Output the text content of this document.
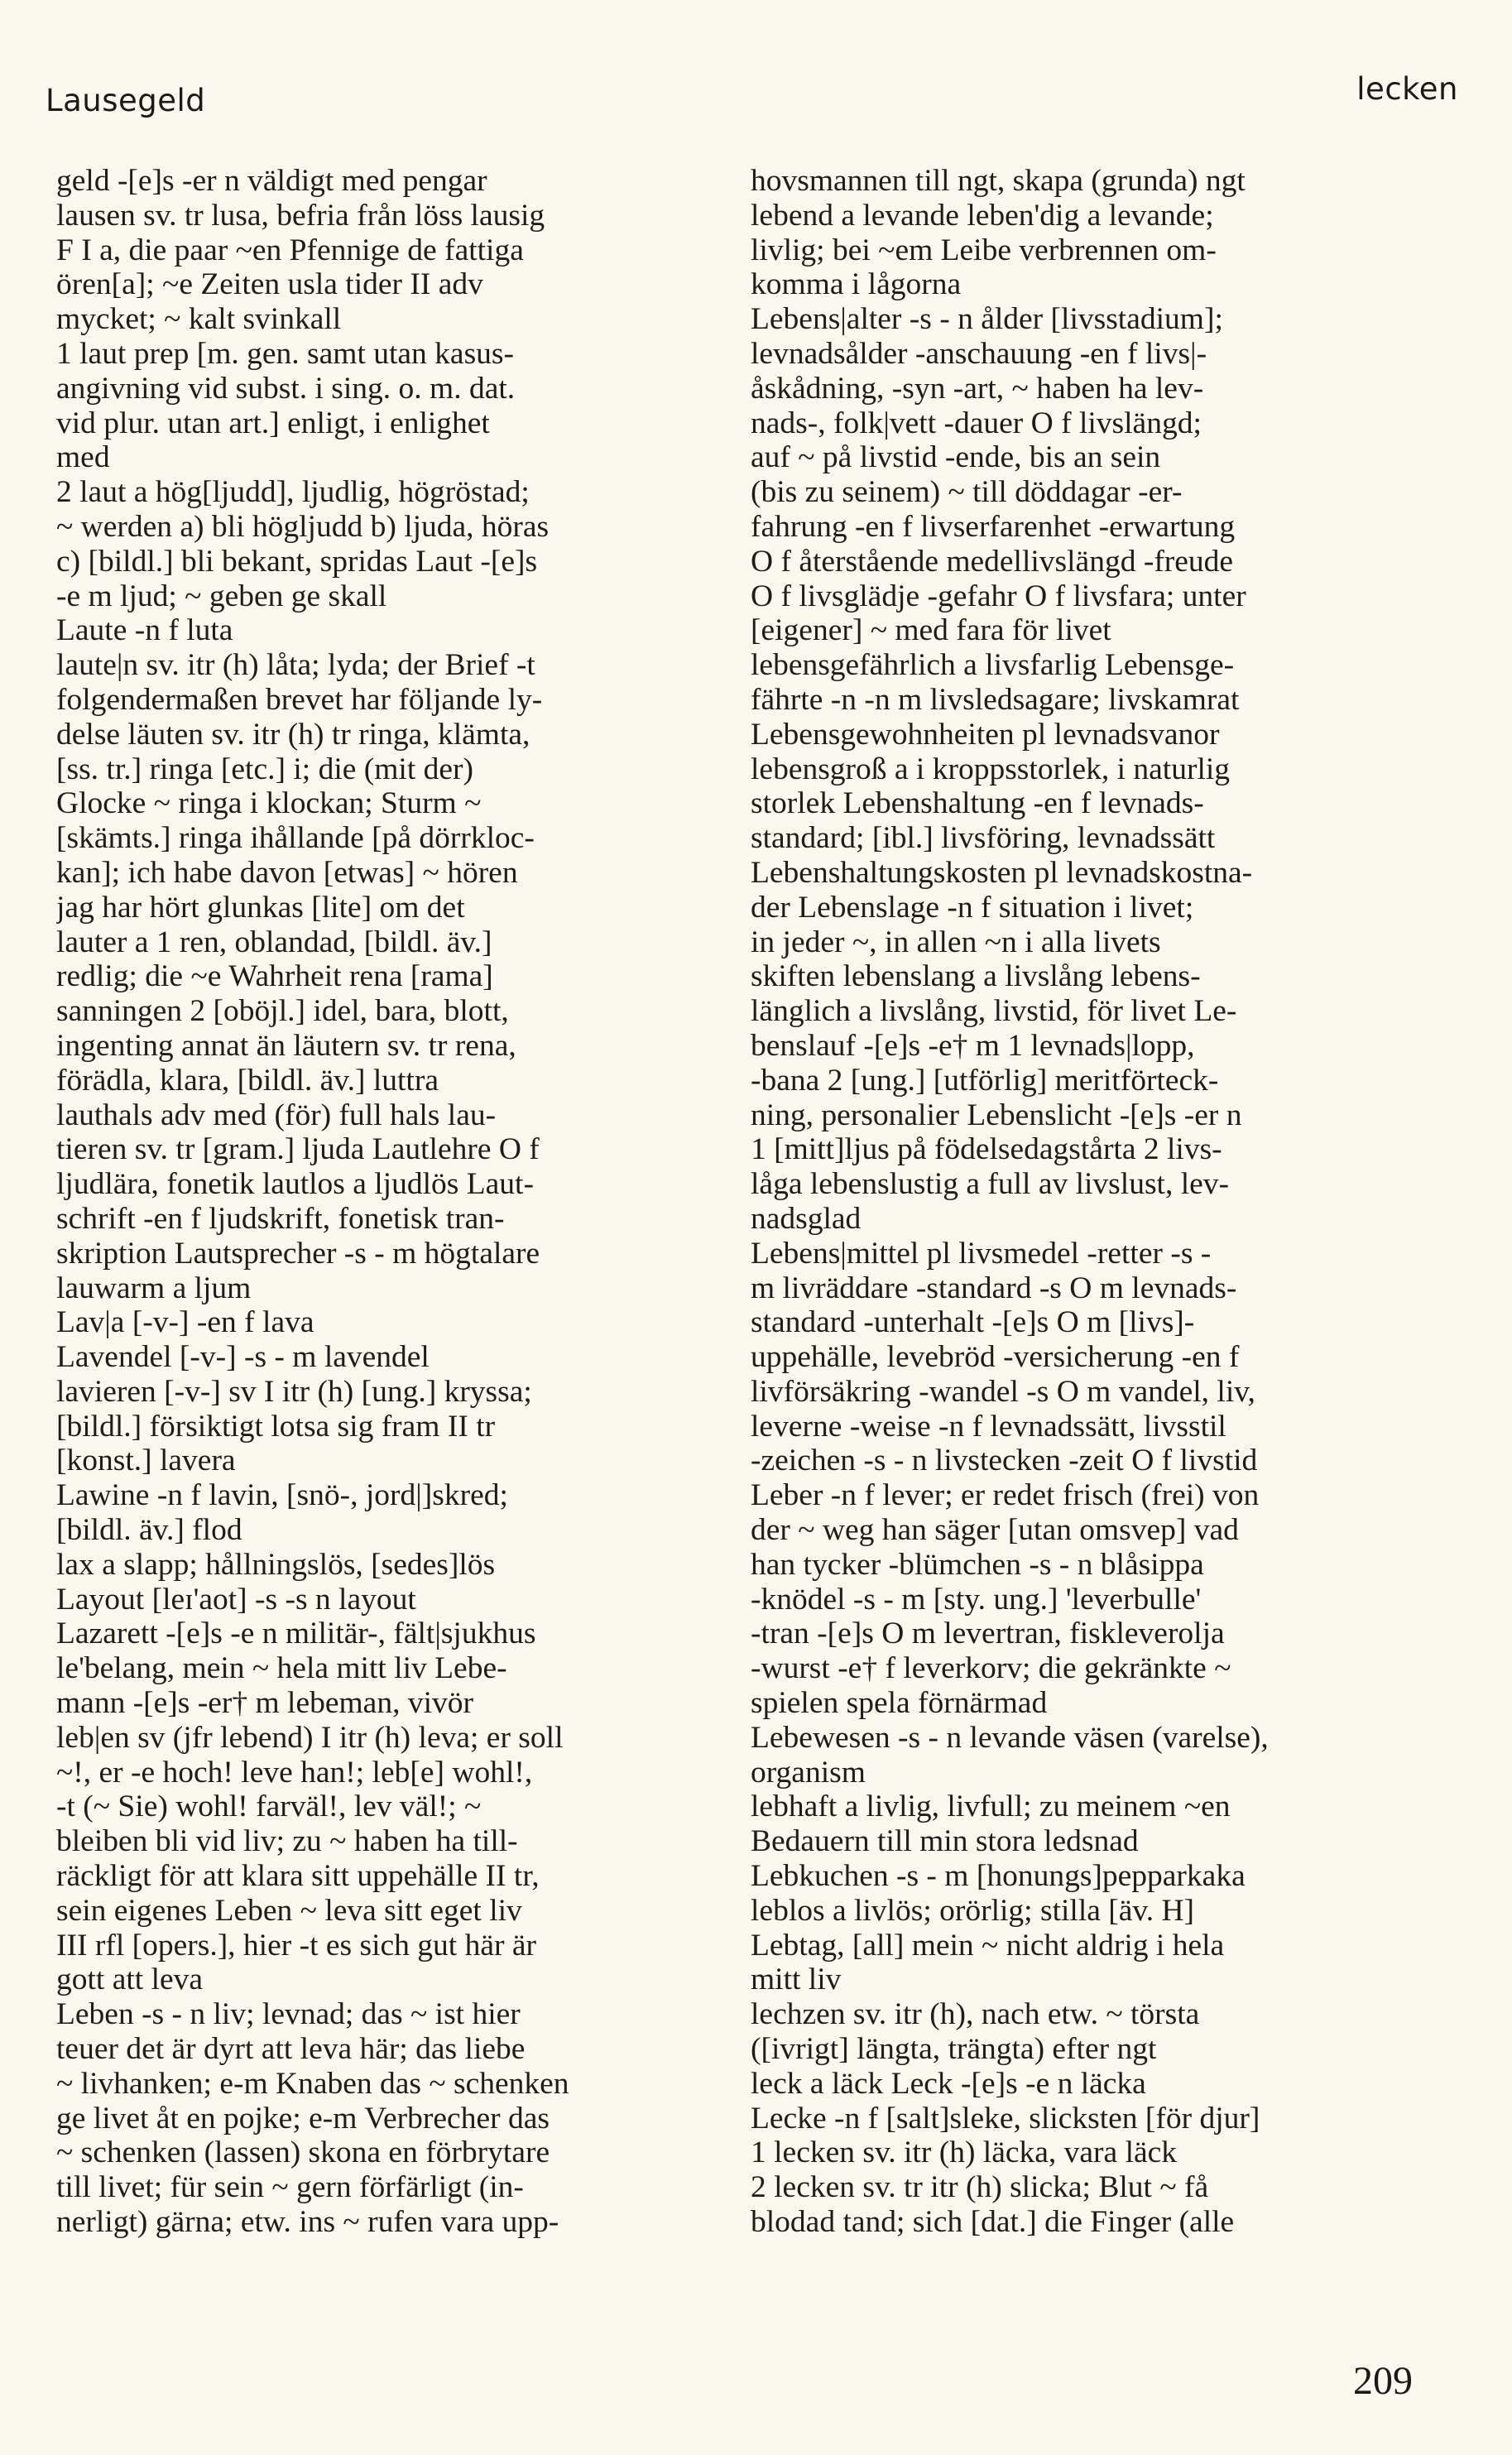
Lausegeld	lecken
geld -[e]s -er n väldigt med pengar
lausen sv. tr lusa, befria från löss lausig
F I a, die paar ~en Pfennige de fattiga
ören[a]; ~e Zeiten usla tider II adv
mycket; ~ kalt svinkall
1 laut prep [m. gen. samt utan kasus-
angivning vid subst. i sing. o. m. dat.
vid plur. utan art.] enligt, i enlighet
med
2 laut a hög[ljudd], ljudlig, högröstad;
~ werden a) bli högljudd b) ljuda, höras
c) [bildl.] bli bekant, spridas Laut -[e]s
-e m ljud; ~ geben ge skall
Laute -n f luta
laute|n sv. itr (h) låta; lyda; der Brief -t
folgendermaßen brevet har följande ly-
delse läuten sv. itr (h) tr ringa, klämta,
[ss. tr.] ringa [etc.] i; die (mit der)
Glocke ~ ringa i klockan; Sturm ~
[skämts.] ringa ihållande [på dörrkloc-
kan]; ich habe davon [etwas] ~ hören
jag har hört glunkas [lite] om det
lauter a 1 ren, oblandad, [bildl. äv.]
redlig; die ~e Wahrheit rena [rama]
sanningen 2 [oböjl.] idel, bara, blott,
ingenting annat än läutern sv. tr rena,
förädla, klara, [bildl. äv.] luttra
lauthals adv med (för) full hals lau-
tieren sv. tr [gram.] ljuda Lautlehre O f
ljudlära, fonetik lautlos a ljudlös Laut-
schrift -en f ljudskrift, fonetisk tran-
skription Lautsprecher -s - m högtalare
lauwarm a ljum
Lav|a [-v-] -en f lava
Lavendel [-v-] -s - m lavendel
lavieren [-v-] sv I itr (h) [ung.] kryssa;
[bildl.] försiktigt lotsa sig fram II tr
[konst.] lavera
Lawine -n f lavin, [snö-, jord|]skred;
[bildl. äv.] flod
lax a slapp; hållningslös, [sedes]lös
Layout [leɪ'aot] -s -s n layout
Lazarett -[e]s -e n militär-, fält|sjukhus
le'belang, mein ~ hela mitt liv Lebe-
mann -[e]s -er† m lebeman, vivör
leb|en sv (jfr lebend) I itr (h) leva; er soll
~!, er -e hoch! leve han!; leb[e] wohl!,
-t (~ Sie) wohl! farväl!, lev väl!; ~
bleiben bli vid liv; zu ~ haben ha till-
räckligt för att klara sitt uppehälle II tr,
sein eigenes Leben ~ leva sitt eget liv
III rfl [opers.], hier -t es sich gut här är
gott att leva
Leben -s - n liv; levnad; das ~ ist hier
teuer det är dyrt att leva här; das liebe
~ livhanken; e-m Knaben das ~ schenken
ge livet åt en pojke; e-m Verbrecher das
~ schenken (lassen) skona en förbrytare
till livet; für sein ~ gern förfärligt (in-
nerligt) gärna; etw. ins ~ rufen vara upp-
hovsmannen till ngt, skapa (grunda) ngt
lebend a levande leben'dig a levande;
livlig; bei ~em Leibe verbrennen om-
komma i lågorna
Lebens|alter -s - n ålder [livsstadium];
levnadsålder -anschauung -en f livs|-
åskådning, -syn -art, ~ haben ha lev-
nads-, folk|vett -dauer O f livslängd;
auf ~ på livstid -ende, bis an sein
(bis zu seinem) ~ till döddagar -er-
fahrung -en f livserfarenhet -erwartung
O f återstående medellivslängd -freude
O f livsglädje -gefahr O f livsfara; unter
[eigener] ~ med fara för livet
lebensgefährlich a livsfarlig Lebensge-
fährte -n -n m livsledsagare; livskamrat
Lebensgewohnheiten pl levnadsvanor
lebensgroß a i kroppsstorlek, i naturlig
storlek Lebenshaltung -en f levnads-
standard; [ibl.] livsföring, levnadssätt
Lebenshaltungskosten pl levnadskostna-
der Lebenslage -n f situation i livet;
in jeder ~, in allen ~n i alla livets
skiften lebenslang a livslång lebens-
länglich a livslång, livstid, för livet Le-
benslauf -[e]s -e† m 1 levnads|lopp,
-bana 2 [ung.] [utförlig] meritförteck-
ning, personalier Lebenslicht -[e]s -er n
1 [mitt]ljus på födelsedagstårta 2 livs-
låga lebenslustig a full av livslust, lev-
nadsglad
Lebens|mittel pl livsmedel -retter -s -
m livräddare -standard -s O m levnads-
standard -unterhalt -[e]s O m [livs]-
uppehälle, levebröd -versicherung -en f
livförsäkring -wandel -s O m vandel, liv,
leverne -weise -n f levnadssätt, livsstil
-zeichen -s - n livstecken -zeit O f livstid
Leber -n f lever; er redet frisch (frei) von
der ~ weg han säger [utan omsvep] vad
han tycker -blümchen -s - n blåsippa
-knödel -s - m [sty. ung.] 'leverbulle'
-tran -[e]s O m levertran, fiskleverolja
-wurst -e† f leverkorv; die gekränkte ~
spielen spela förnärmad
Lebewesen -s - n levande väsen (varelse),
organism
lebhaft a livlig, livfull; zu meinem ~en
Bedauern till min stora ledsnad
Lebkuchen -s - m [honungs]pepparkaka
leblos a livlös; orörlig; stilla [äv. H]
Lebtag, [all] mein ~ nicht aldrig i hela
mitt liv
lechzen sv. itr (h), nach etw. ~ törsta
([ivrigt] längta, trängta) efter ngt
leck a läck Leck -[e]s -e n läcka
Lecke -n f [salt]sleke, slicksten [för djur]
1 lecken sv. itr (h) läcka, vara läck
2 lecken sv. tr itr (h) slicka; Blut ~ få
blodad tand; sich [dat.] die Finger (alle
209
